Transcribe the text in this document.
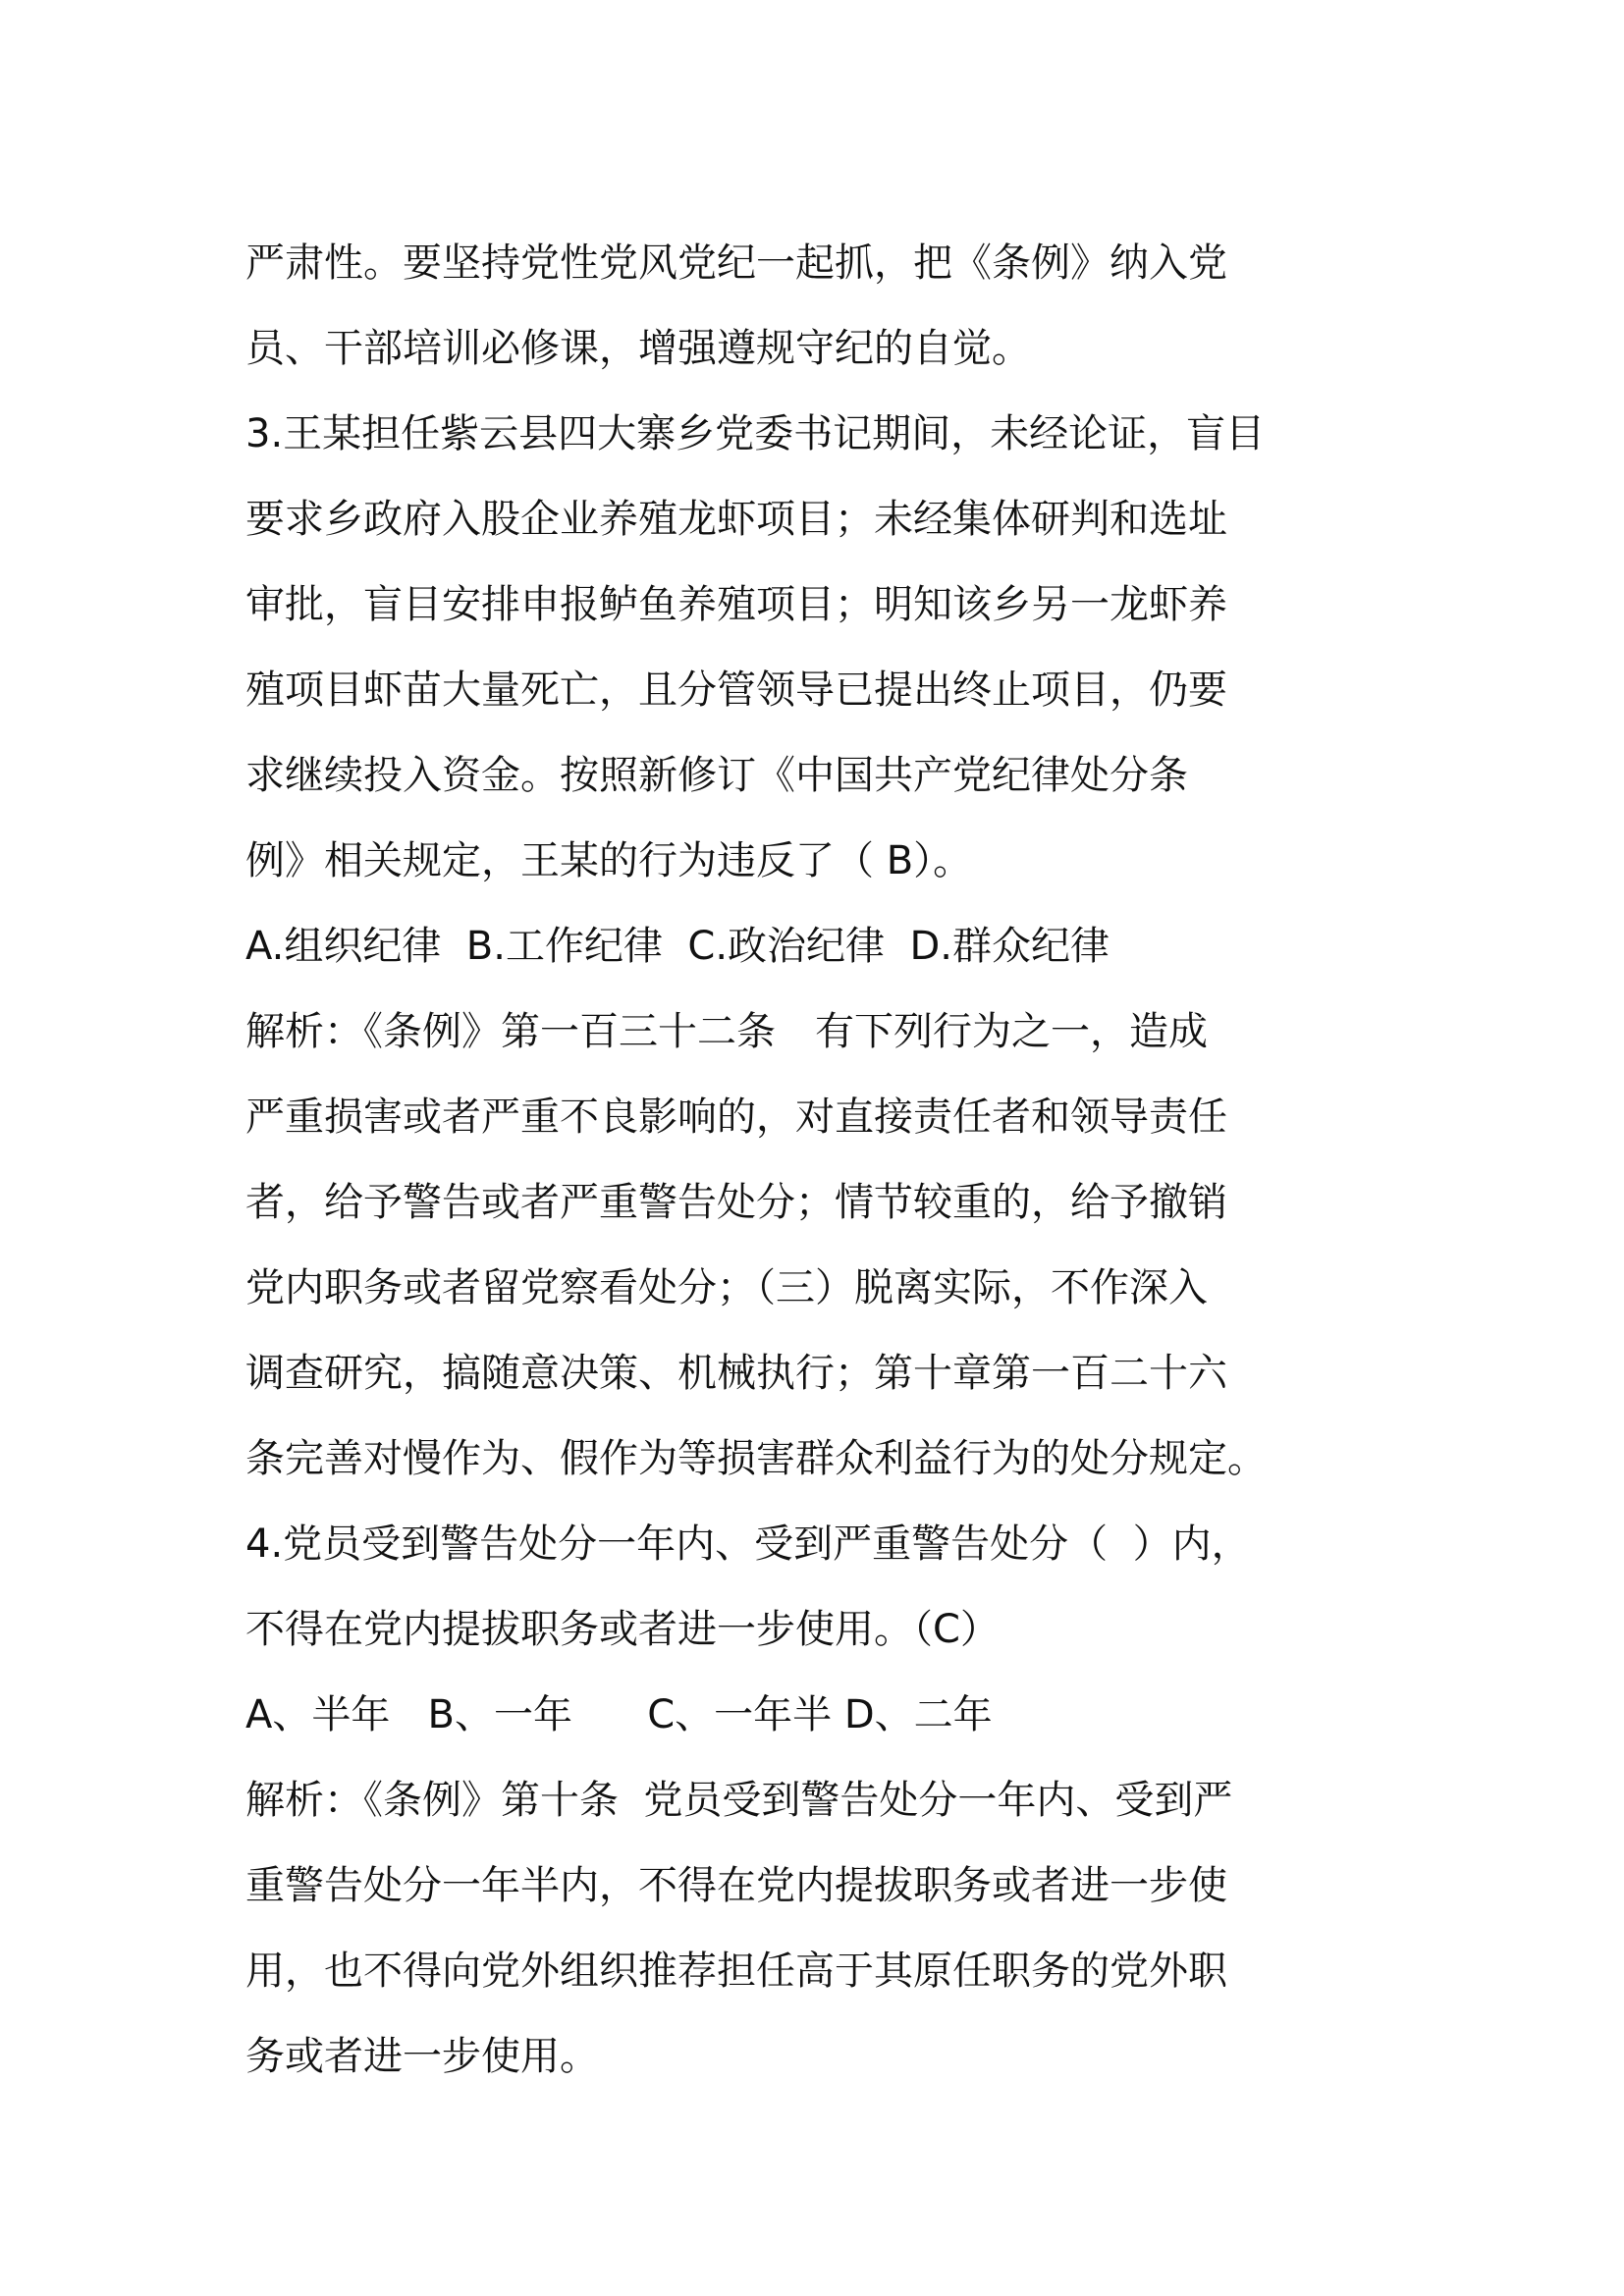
严肃性。要坚持党性党风党纪一起抓，把《条例》纳入党
员、干部培训必修课，增强遵规守纪的自觉。
3.王某担任紫云县四大寨乡党委书记期间，未经论证，盲目
要求乡政府入股企业养殖龙虾项目；未经集体研判和选址
审批，盲目安排申报鲈鱼养殖项目；明知该乡另一龙虾养
殖项目虾苗大量死亡，且分管领导已提出终止项目，仍要
求继续投入资金。按照新修订《中国共产党纪律处分条
例》相关规定，王某的行为违反了（ B）。
A.组织纪律  B.工作纪律  C.政治纪律  D.群众纪律
解析：《条例》第一百三十二条　有下列行为之一，造成
严重损害或者严重不良影响的，对直接责任者和领导责任
者，给予警告或者严重警告处分；情节较重的，给予撤销
党内职务或者留党察看处分；（三）脱离实际，不作深入
调查研究，搞随意决策、机械执行；第十章第一百二十六
条完善对慢作为、假作为等损害群众利益行为的处分规定。
4.党员受到警告处分一年内、受到严重警告处分（  ）内，
不得在党内提拔职务或者进一步使用。（C）
A、半年   B、一年      C、一年半 D、二年
解析：《条例》第十条  党员受到警告处分一年内、受到严
重警告处分一年半内，不得在党内提拔职务或者进一步使
用，也不得向党外组织推荐担任高于其原任职务的党外职
务或者进一步使用。
